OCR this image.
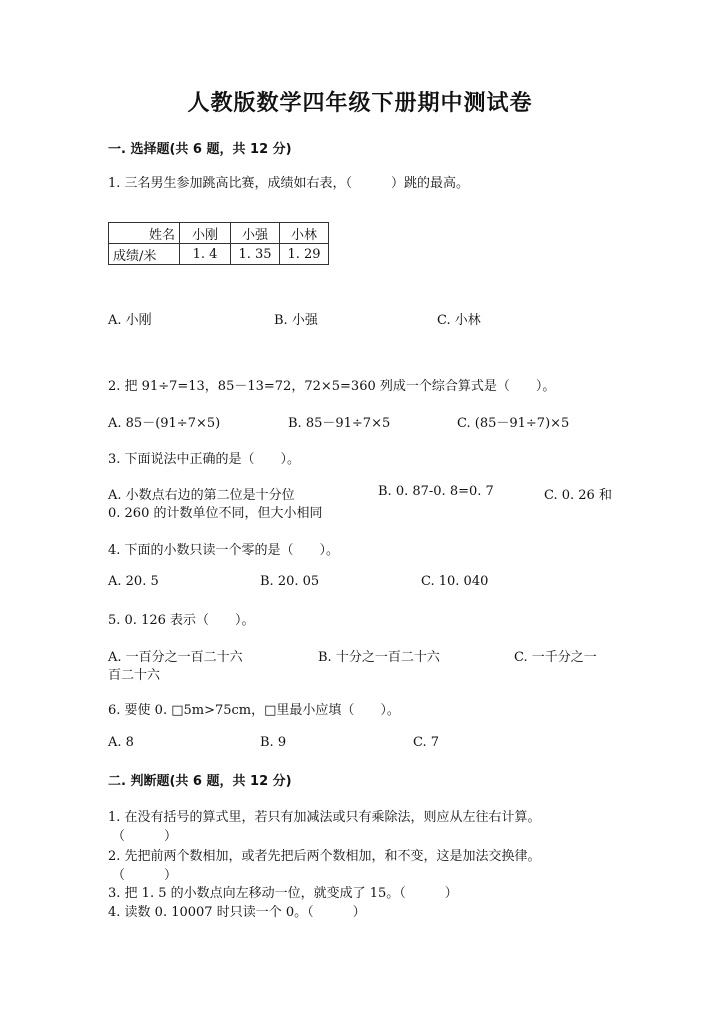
人教版数学四年级下册期中测试卷
一. 选择题(共 6 题，共 12 分)
1. 三名男生参加跳高比赛，成绩如右表，（　　　）跳的最高。
姓名	小刚	小强	小林
成绩/米	1. 4	1. 35	1. 29
A. 小刚	B. 小强	C. 小林
2. 把 91÷7=13，85－13=72，72×5=360 列成一个综合算式是（　　）。
A. 85－(91÷7×5)	B. 85－91÷7×5	C. (85－91÷7)×5
3. 下面说法中正确的是（　　）。
A. 小数点右边的第二位是十分位	B. 0. 87-0. 8=0. 7	C. 0. 26 和
0. 260 的计数单位不同，但大小相同
4. 下面的小数只读一个零的是（　　）。
A. 20. 5	B. 20. 05	C. 10. 040
5. 0. 126 表示（　　）。
A. 一百分之一百二十六	B. 十分之一百二十六	C. 一千分之一
百二十六
6. 要使 0. □5m>75cm，□里最小应填（　　）。
A. 8	B. 9	C. 7
二. 判断题(共 6 题，共 12 分)
1. 在没有括号的算式里，若只有加减法或只有乘除法，则应从左往右计算。
（　　　）
2. 先把前两个数相加，或者先把后两个数相加，和不变，这是加法交换律。
（　　　）
3. 把 1. 5 的小数点向左移动一位，就变成了 15。（　　　）
4. 读数 0. 10007 时只读一个 0。（　　　）
